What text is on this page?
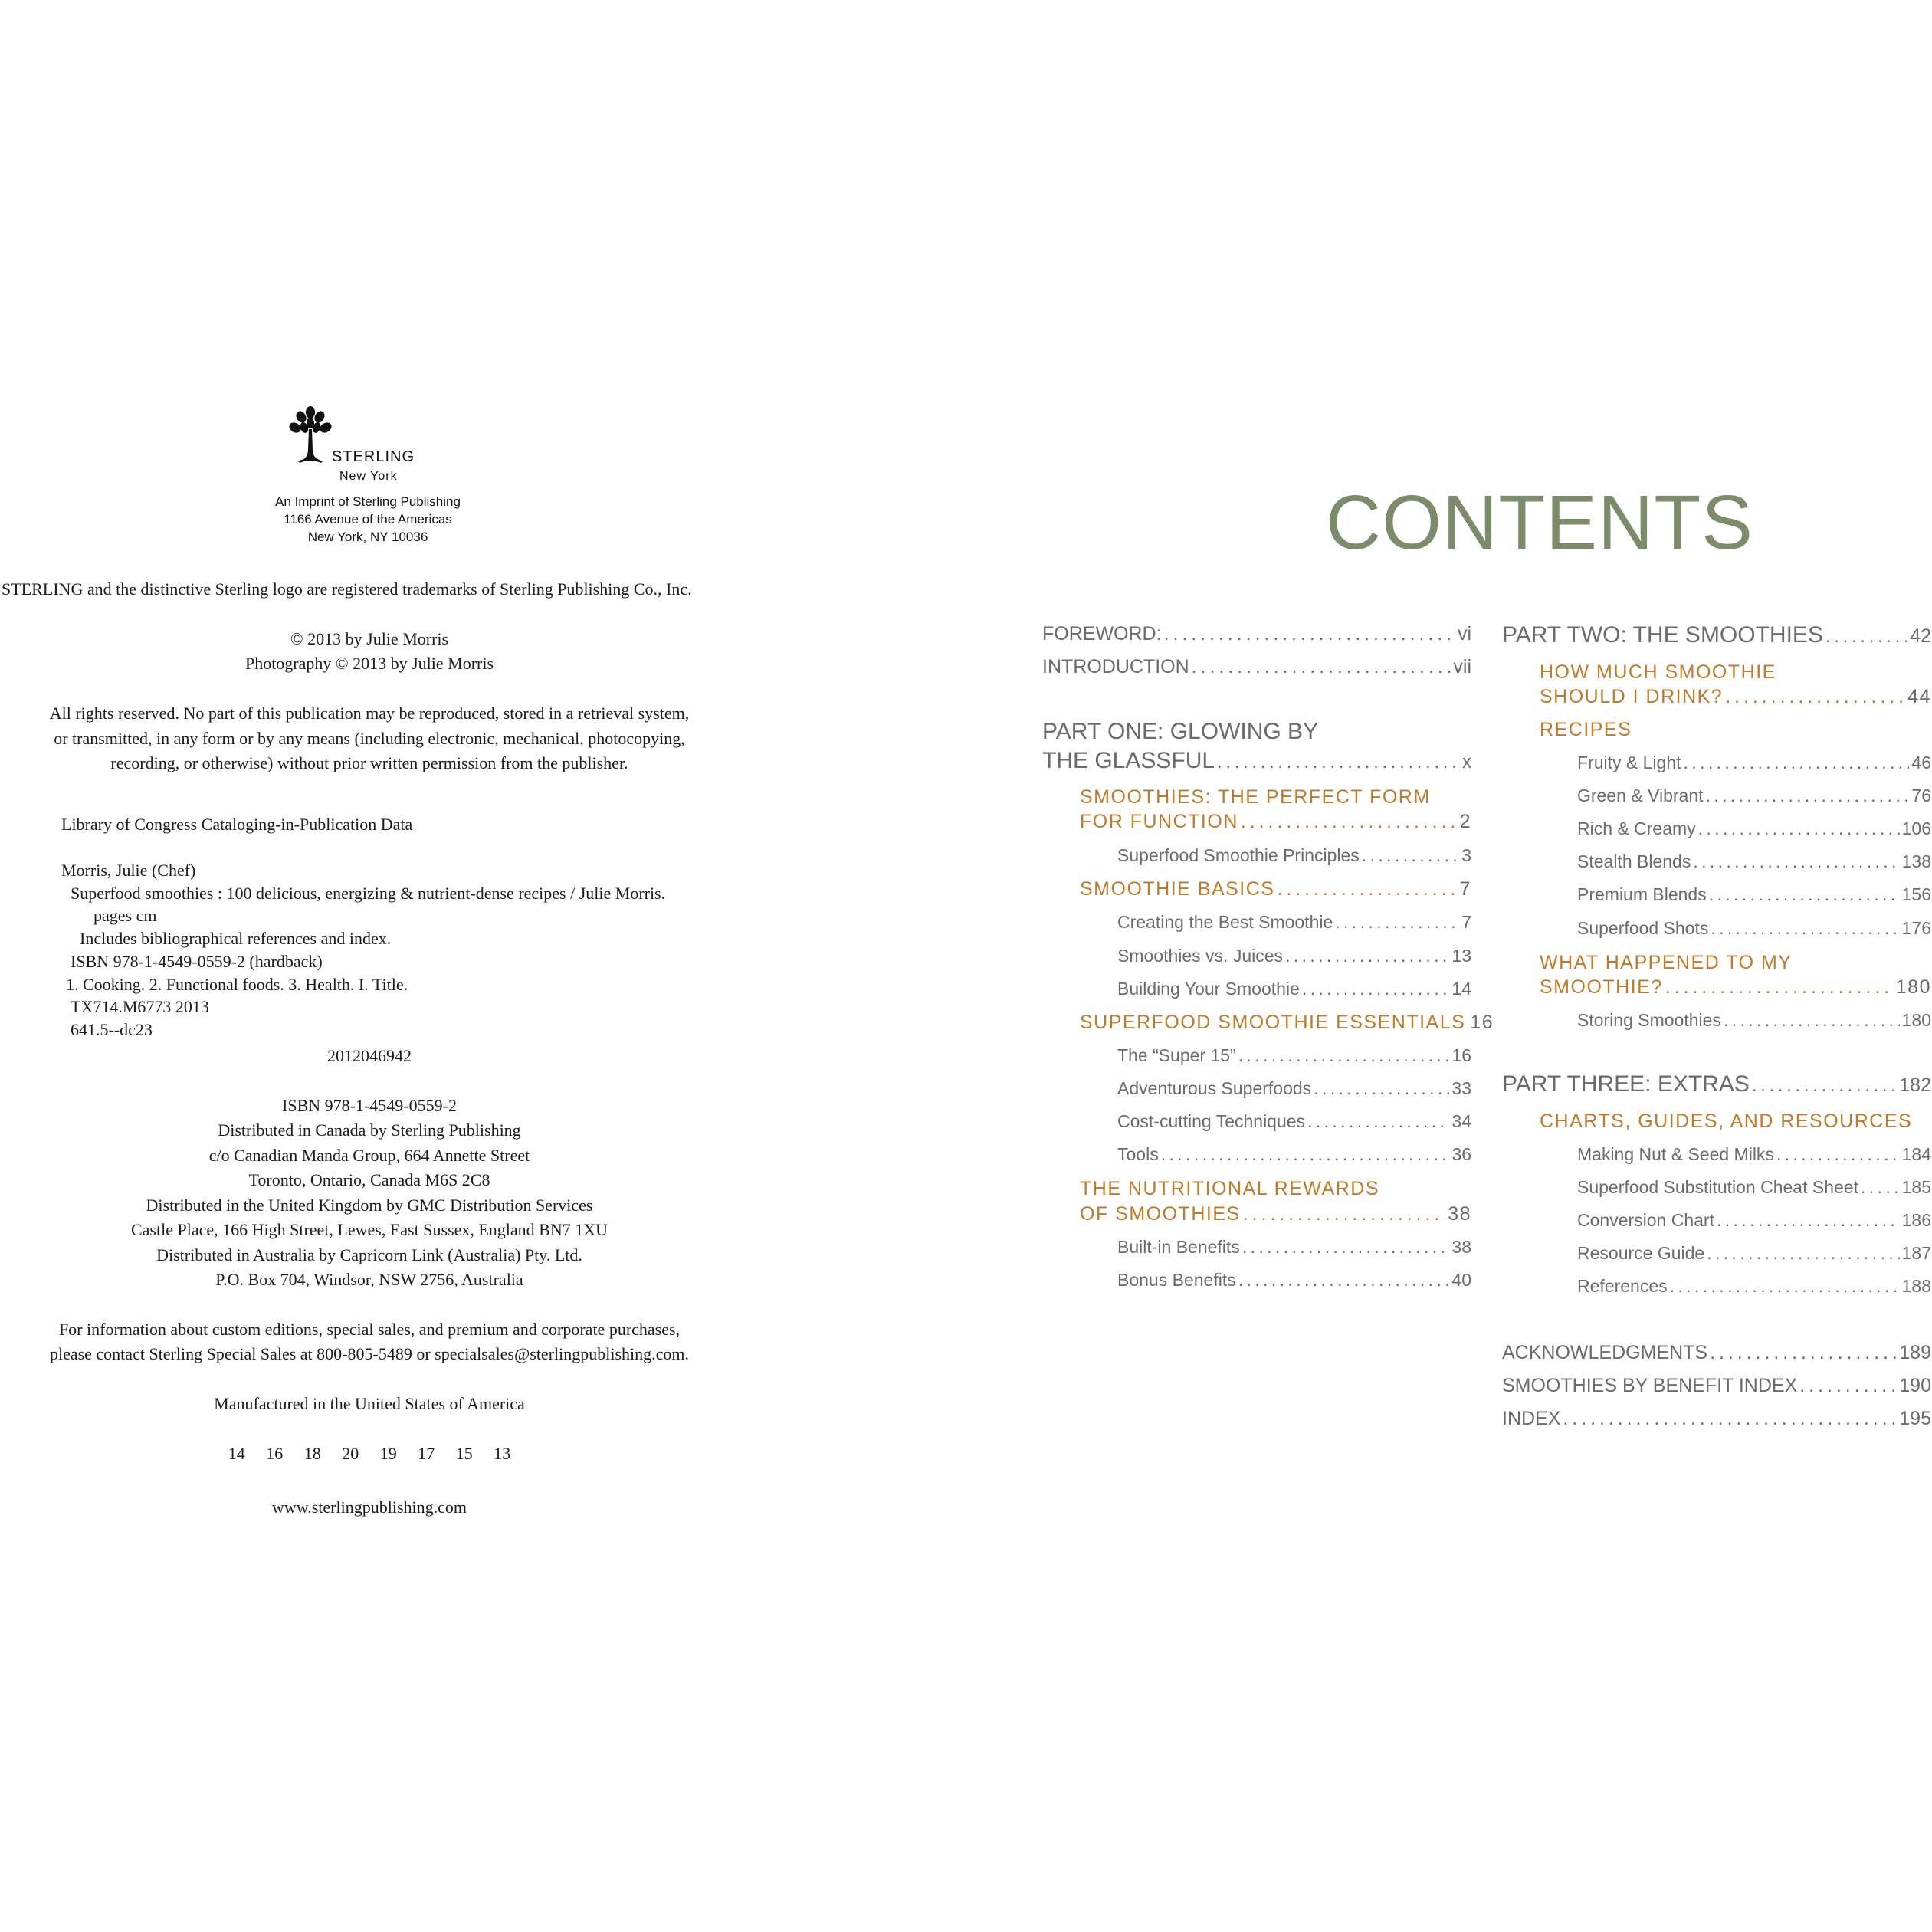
STERLING
New York
An Imprint of Sterling Publishing
1166 Avenue of the Americas
New York, NY 10036
STERLING and the distinctive Sterling logo are registered trademarks of Sterling Publishing Co., Inc.
© 2013 by Julie Morris
Photography © 2013 by Julie Morris
All rights reserved. No part of this publication may be reproduced, stored in a retrieval system,
or transmitted, in any form or by any means (including electronic, mechanical, photocopying,
recording, or otherwise) without prior written permission from the publisher.
Library of Congress Cataloging-in-Publication Data
Morris, Julie (Chef)
Superfood smoothies : 100 delicious, energizing & nutrient-dense recipes / Julie Morris.
pages cm
Includes bibliographical references and index.
ISBN 978-1-4549-0559-2 (hardback)
1. Cooking. 2. Functional foods. 3. Health. I. Title.
TX714.M6773 2013
641.5--dc23
2012046942
ISBN 978-1-4549-0559-2
Distributed in Canada by Sterling Publishing
c/o Canadian Manda Group, 664 Annette Street
Toronto, Ontario, Canada M6S 2C8
Distributed in the United Kingdom by GMC Distribution Services
Castle Place, 166 High Street, Lewes, East Sussex, England BN7 1XU
Distributed in Australia by Capricorn Link (Australia) Pty. Ltd.
P.O. Box 704, Windsor, NSW 2756, Australia
For information about custom editions, special sales, and premium and corporate purchases,
please contact Sterling Special Sales at 800-805-5489 or specialsales@sterlingpublishing.com.
Manufactured in the United States of America
14     16     18     20     19     17     15     13
www.sterlingpublishing.com
CONTENTS
FOREWORD: . . .	vi
INTRODUCTION . . .	vii
PART ONE: GLOWING BY
THE GLASSFUL . . .	x
SMOOTHIES: THE PERFECT FORM
FOR FUNCTION . . .	2
Superfood Smoothie Principles . . .	3
SMOOTHIE BASICS . . .	7
Creating the Best Smoothie . . .	7
Smoothies vs. Juices . . .	13
Building Your Smoothie . . .	14
SUPERFOOD SMOOTHIE ESSENTIALS 16
The “Super 15” . . .	16
Adventurous Superfoods . . .	33
Cost-cutting Techniques . . .	34
Tools . . .	36
THE NUTRITIONAL REWARDS
OF SMOOTHIES . . .	38
Built-in Benefits . . .	38
Bonus Benefits . . .	40
PART TWO: THE SMOOTHIES . . .	42
HOW MUCH SMOOTHIE
SHOULD I DRINK? . . .	44
RECIPES
Fruity & Light . . .	46
Green & Vibrant . . .	76
Rich & Creamy . . .	106
Stealth Blends . . .	138
Premium Blends . . .	156
Superfood Shots . . .	176
WHAT HAPPENED TO MY
SMOOTHIE? . . .	180
Storing Smoothies . . .	180
PART THREE: EXTRAS . . .	182
CHARTS, GUIDES, AND RESOURCES
Making Nut & Seed Milks . . .	184
Superfood Substitution Cheat Sheet . . . 185
Conversion Chart . . .	186
Resource Guide . . .	187
References . . .	188
ACKNOWLEDGMENTS . . .	189
SMOOTHIES BY BENEFIT INDEX . . .	190
INDEX . . .	195
